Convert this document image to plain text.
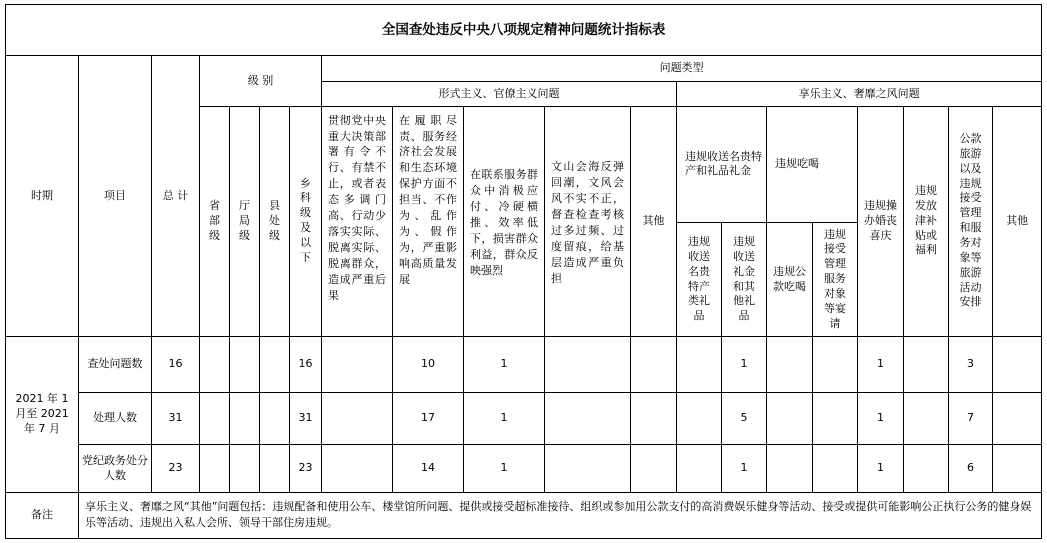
全国查处违反中央八项规定精神问题统计指标表																			
时期	项目	总 计	级 别				问题类型												
							形式主义、官僚主义问题					享乐主义、奢靡之风问题							
			省部级	厅局级	县处级	乡科级及以下	贯彻党中央重大决策部署有令不行、有禁不止，或者表态多调门高、行动少落实实际、脱离实际、脱离群众，造成严重后果	在履职尽责、服务经济社会发展和生态环境保护方面不担当、不作为、乱作为、假作为，严重影响高质量发展	在联系服务群众中消极应付、冷硬横推、效率低下，损害群众利益，群众反映强烈	文山会海反弹回潮，文风会风不实不正，督查检查考核过多过频、过度留痕，给基层造成严重负担	其他	违规收送名贵特产和礼品礼金		违规吃喝		违规操办婚丧喜庆	违规发放津补贴或福利	公款旅游以及违规接受管理和服务对象等旅游活动安排	其他
												违规收送名贵特产类礼品	违规收送礼金和其他礼品	违规公款吃喝	违规接受管理服务对象等宴请				
2021 年 1 月至 2021 年 7 月	查处问题数	16				16		10	1				1			1		3	
	处理人数	31				31		17	1				5			1		7	
	党纪政务处分人数	23				23		14	1				1			1		6	
备注	享乐主义、奢靡之风“其他”问题包括：违规配备和使用公车、楼堂馆所问题、提供或接受超标准接待、组织或参加用公款支付的高消费娱乐健身等活动、接受或提供可能影响公正执行公务的健身娱乐等活动、违规出入私人会所、领导干部住房违规。																		
